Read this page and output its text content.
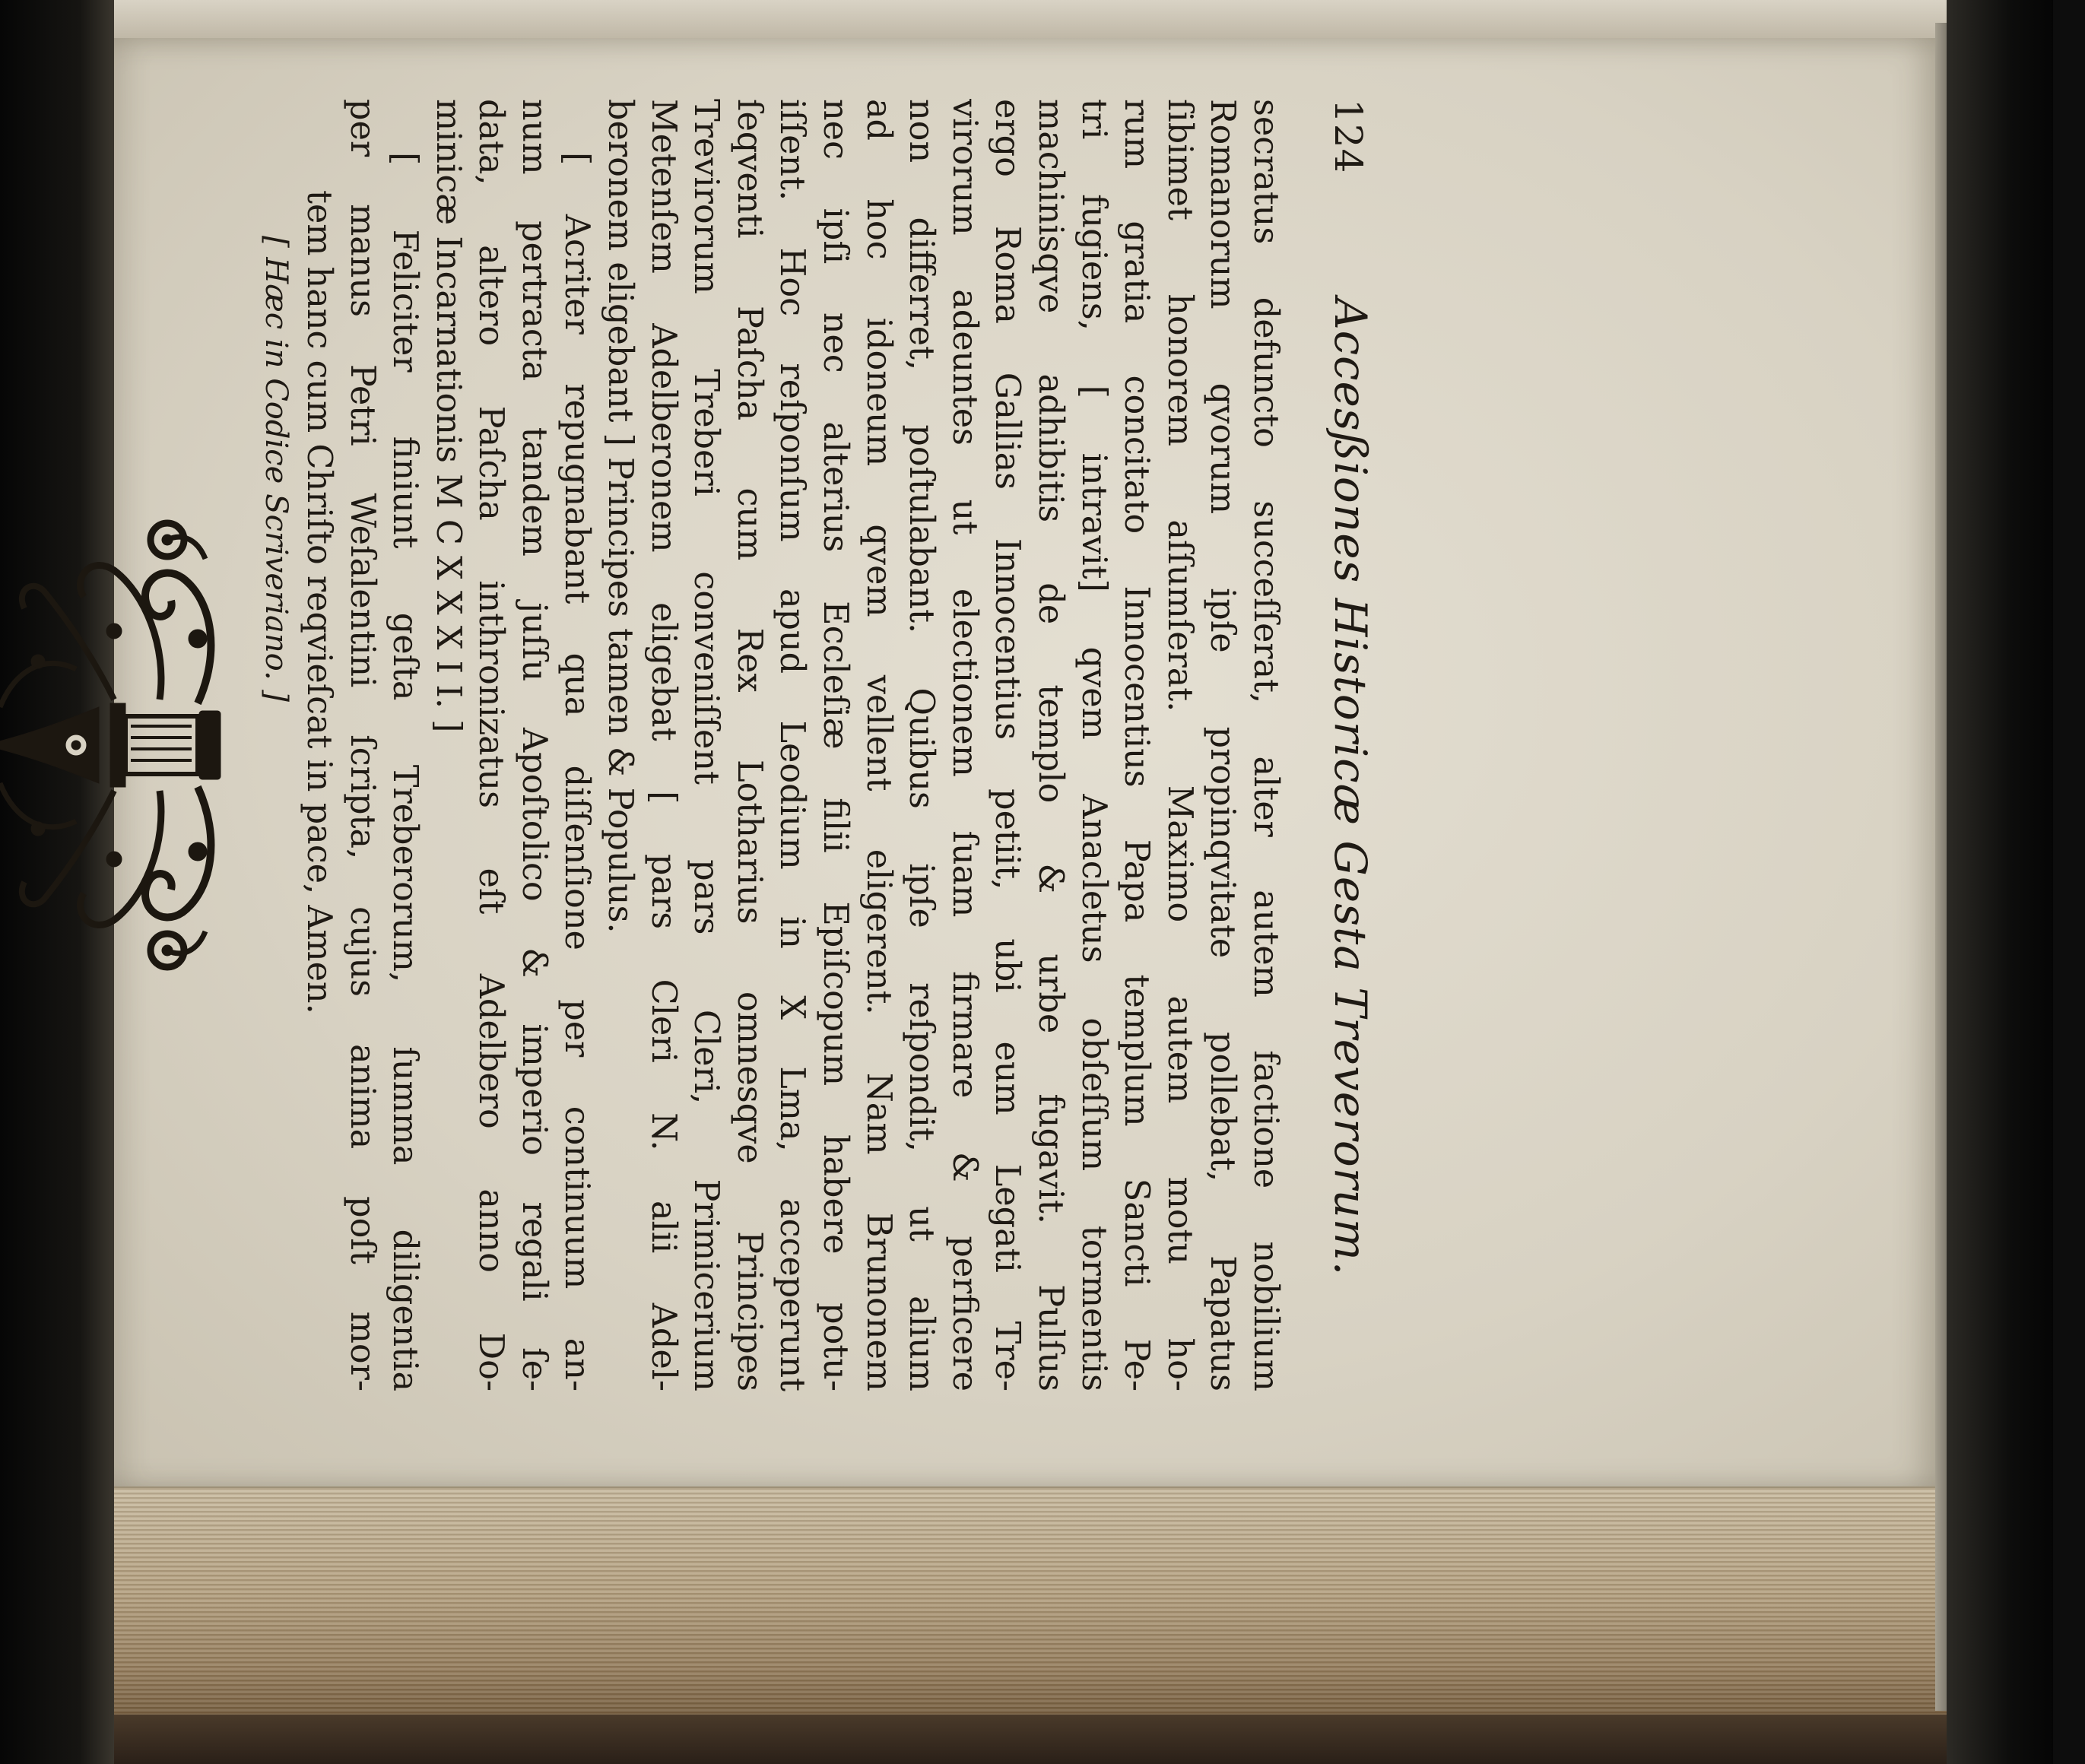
124
Accesßiones Historicæ Gesta Treverorum.
secratus defuncto succeſſerat, alter autem factione nobilium
Romanorum qvorum ipſe propinqvitate pollebat, Papatus
ſibimet honorem aſſumſerat. Maximo autem motu ho-
rum gratia concitato Innocentius Papa templum Sancti Pe-
tri fugiens, [ intravit] qvem Anacletus obſeſſum tormentis
machinisqve adhibitis de templo & urbe fugavit. Pulſus
ergo Roma Gallias Innocentius petiit, ubi eum Legati Tre-
virorum adeuntes ut electionem ſuam firmare & perficere
non differret, poſtulabant. Quibus ipſe reſpondit, ut alium
ad hoc idoneum qvem vellent eligerent. Nam Brunonem
nec ipſi nec alterius Eccleſiæ filii Epiſcopum habere potu-
iſſent. Hoc reſponſum apud Leodium in X Lma, acceperunt
ſeqventi Paſcha cum Rex Lotharius omnesqve Principes
Trevirorum Treberi conveniſſent pars Cleri, Primicerium
Metenſem Adelberonem eligebat [ pars Cleri N. alii Adel-
beronem eligebant ] Principes tamen & Populus.
[ Acriter repugnabant qua diſſenſione per continuum an-
num pertracta tandem juſſu Apoſtolico & imperio regali ſe-
data, altero Paſcha inthronizatus eſt Adelbero anno Do-
minicæ Incarnationis M C X X X I I. ]
[ Feliciter finiunt geſta Treberorum, ſumma diligentia
per manus Petri Weſalentini ſcripta, cujus anima poſt mor-
tem hanc cum Chriſto reqvieſcat in pace, Amen.
[ Hæc in Codice Scriveriano. ]
